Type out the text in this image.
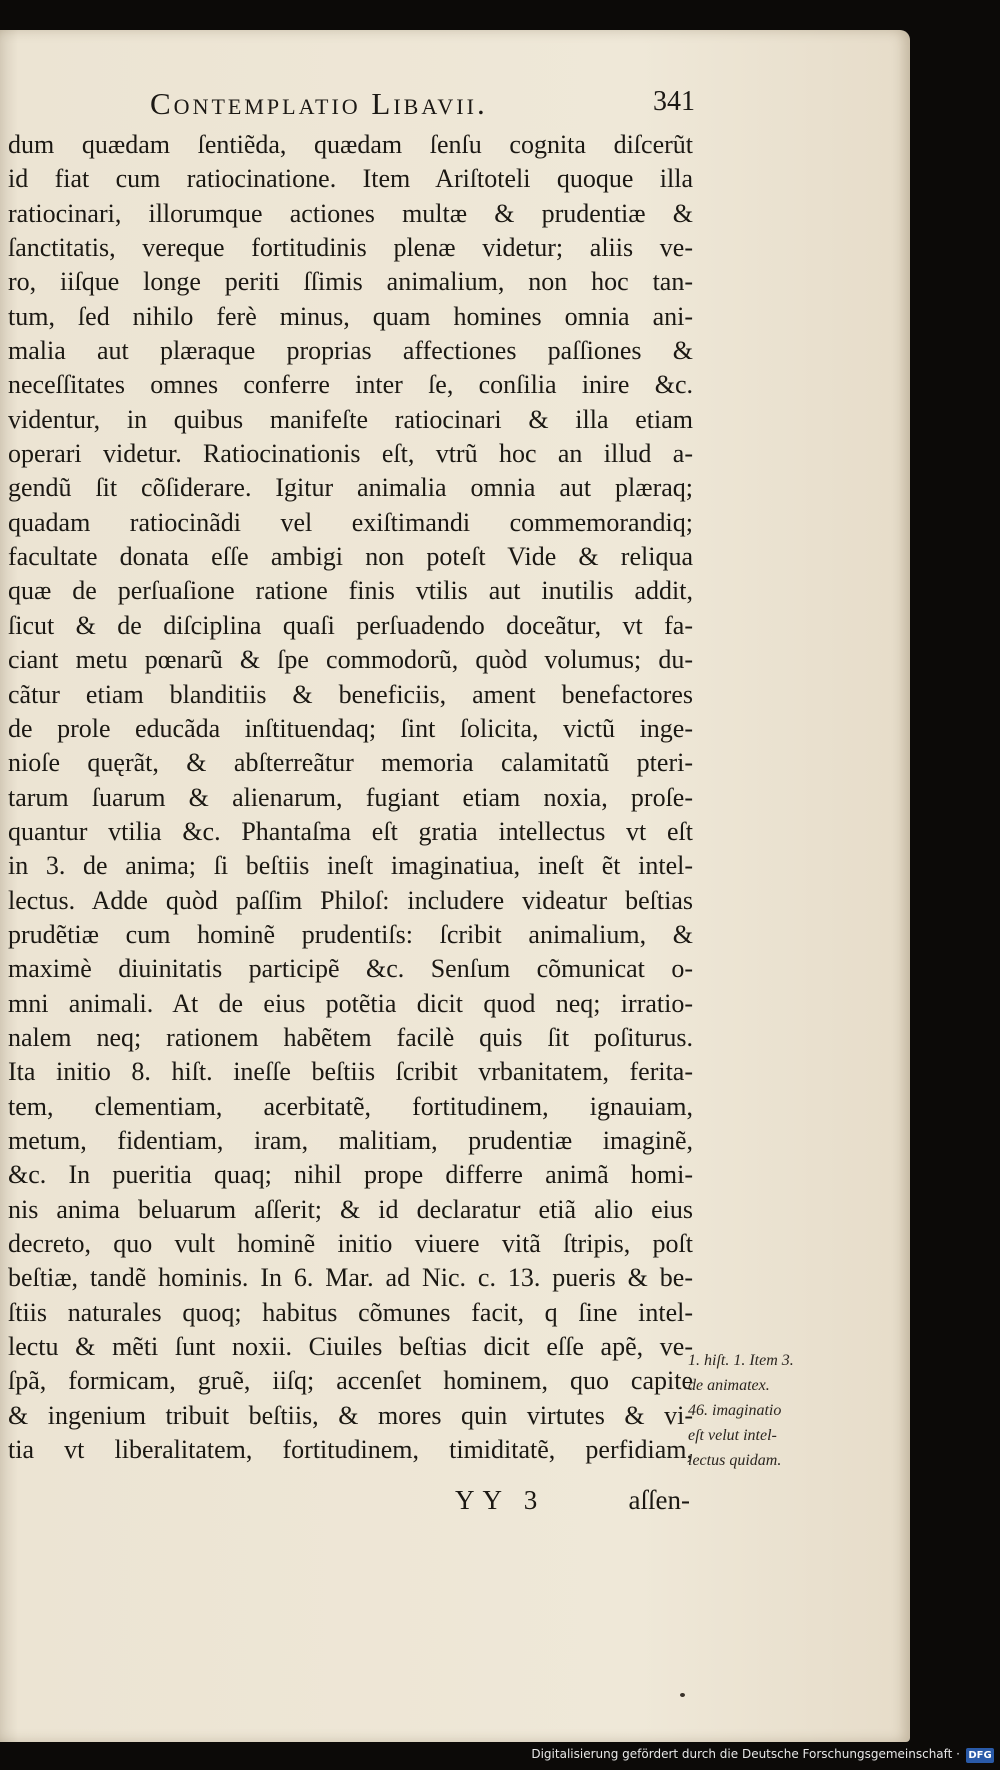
Contemplatio Libavii.	341
dum quædam ſentiẽda, quædam ſenſu cognita diſcerũt
id fiat cum ratiocinatione. Item Ariſtoteli quoque illa
ratiocinari, illorumque actiones multæ & prudentiæ &
ſanctitatis, vereque fortitudinis plenæ videtur; aliis ve-
ro, iiſque longe periti ſſimis animalium, non hoc tan-
tum, ſed nihilo ferè minus, quam homines omnia ani-
malia aut plæraque proprias affectiones paſſiones &
neceſſitates omnes conferre inter ſe, conſilia inire &c.
videntur, in quibus manifeſte ratiocinari & illa etiam
operari videtur. Ratiocinationis eſt, vtrũ hoc an illud a-
gendũ ſit cõſiderare. Igitur animalia omnia aut plæraq;
quadam ratiocinãdi vel exiſtimandi commemorandiq;
facultate donata eſſe ambigi non poteſt Vide & reliqua
quæ de perſuaſione ratione finis vtilis aut inutilis addit,
ſicut & de diſciplina quaſi perſuadendo doceãtur, vt fa-
ciant metu pœnarũ & ſpe commodorũ, quòd volumus; du-
cãtur etiam blanditiis & beneficiis, ament benefactores
de prole educãda inſtituendaq; ſint ſolicita, victũ inge-
nioſe quęrãt, & abſterreãtur memoria calamitatũ pteri-
tarum ſuarum & alienarum, fugiant etiam noxia, proſe-
quantur vtilia &c. Phantaſma eſt gratia intellectus vt eſt
in 3. de anima; ſi beſtiis ineſt imaginatiua, ineſt ẽt intel-
lectus. Adde quòd paſſim Philoſ: includere videatur beſtias
prudẽtiæ cum hominẽ prudentiſs: ſcribit animalium, &
maximè diuinitatis participẽ &c. Senſum cõmunicat o-
mni animali. At de eius potẽtia dicit quod neq; irratio-
nalem neq; rationem habẽtem facilè quis ſit poſiturus.
Ita initio 8. hiſt. ineſſe beſtiis ſcribit vrbanitatem, ferita-
tem, clementiam, acerbitatẽ, fortitudinem, ignauiam,
metum, fidentiam, iram, malitiam, prudentiæ imaginẽ,
&c. In pueritia quaq; nihil prope differre animã homi-
nis anima beluarum aſſerit; & id declaratur etiã alio eius
decreto, quo vult hominẽ initio viuere vitã ſtripis, poſt
beſtiæ, tandẽ hominis. In 6. Mar. ad Nic. c. 13. pueris & be-
ſtiis naturales quoq; habitus cõmunes facit, q ſine intel-
lectu & mẽti ſunt noxii. Ciuiles beſtias dicit eſſe apẽ, ve-
ſpã, formicam, gruẽ, iiſq; accenſet hominem, quo capite
& ingenium tribuit beſtiis, & mores quin virtutes & vi-
tia vt liberalitatem, fortitudinem, timiditatẽ, perfidiam,
1. hiſt. 1. Item 3.
de animatex.
46. imaginatio
eſt velut intel-
lectus quidam.
YY 3	aſſen-
Digitalisierung gefördert durch die Deutsche Forschungsgemeinschaft · DFG
